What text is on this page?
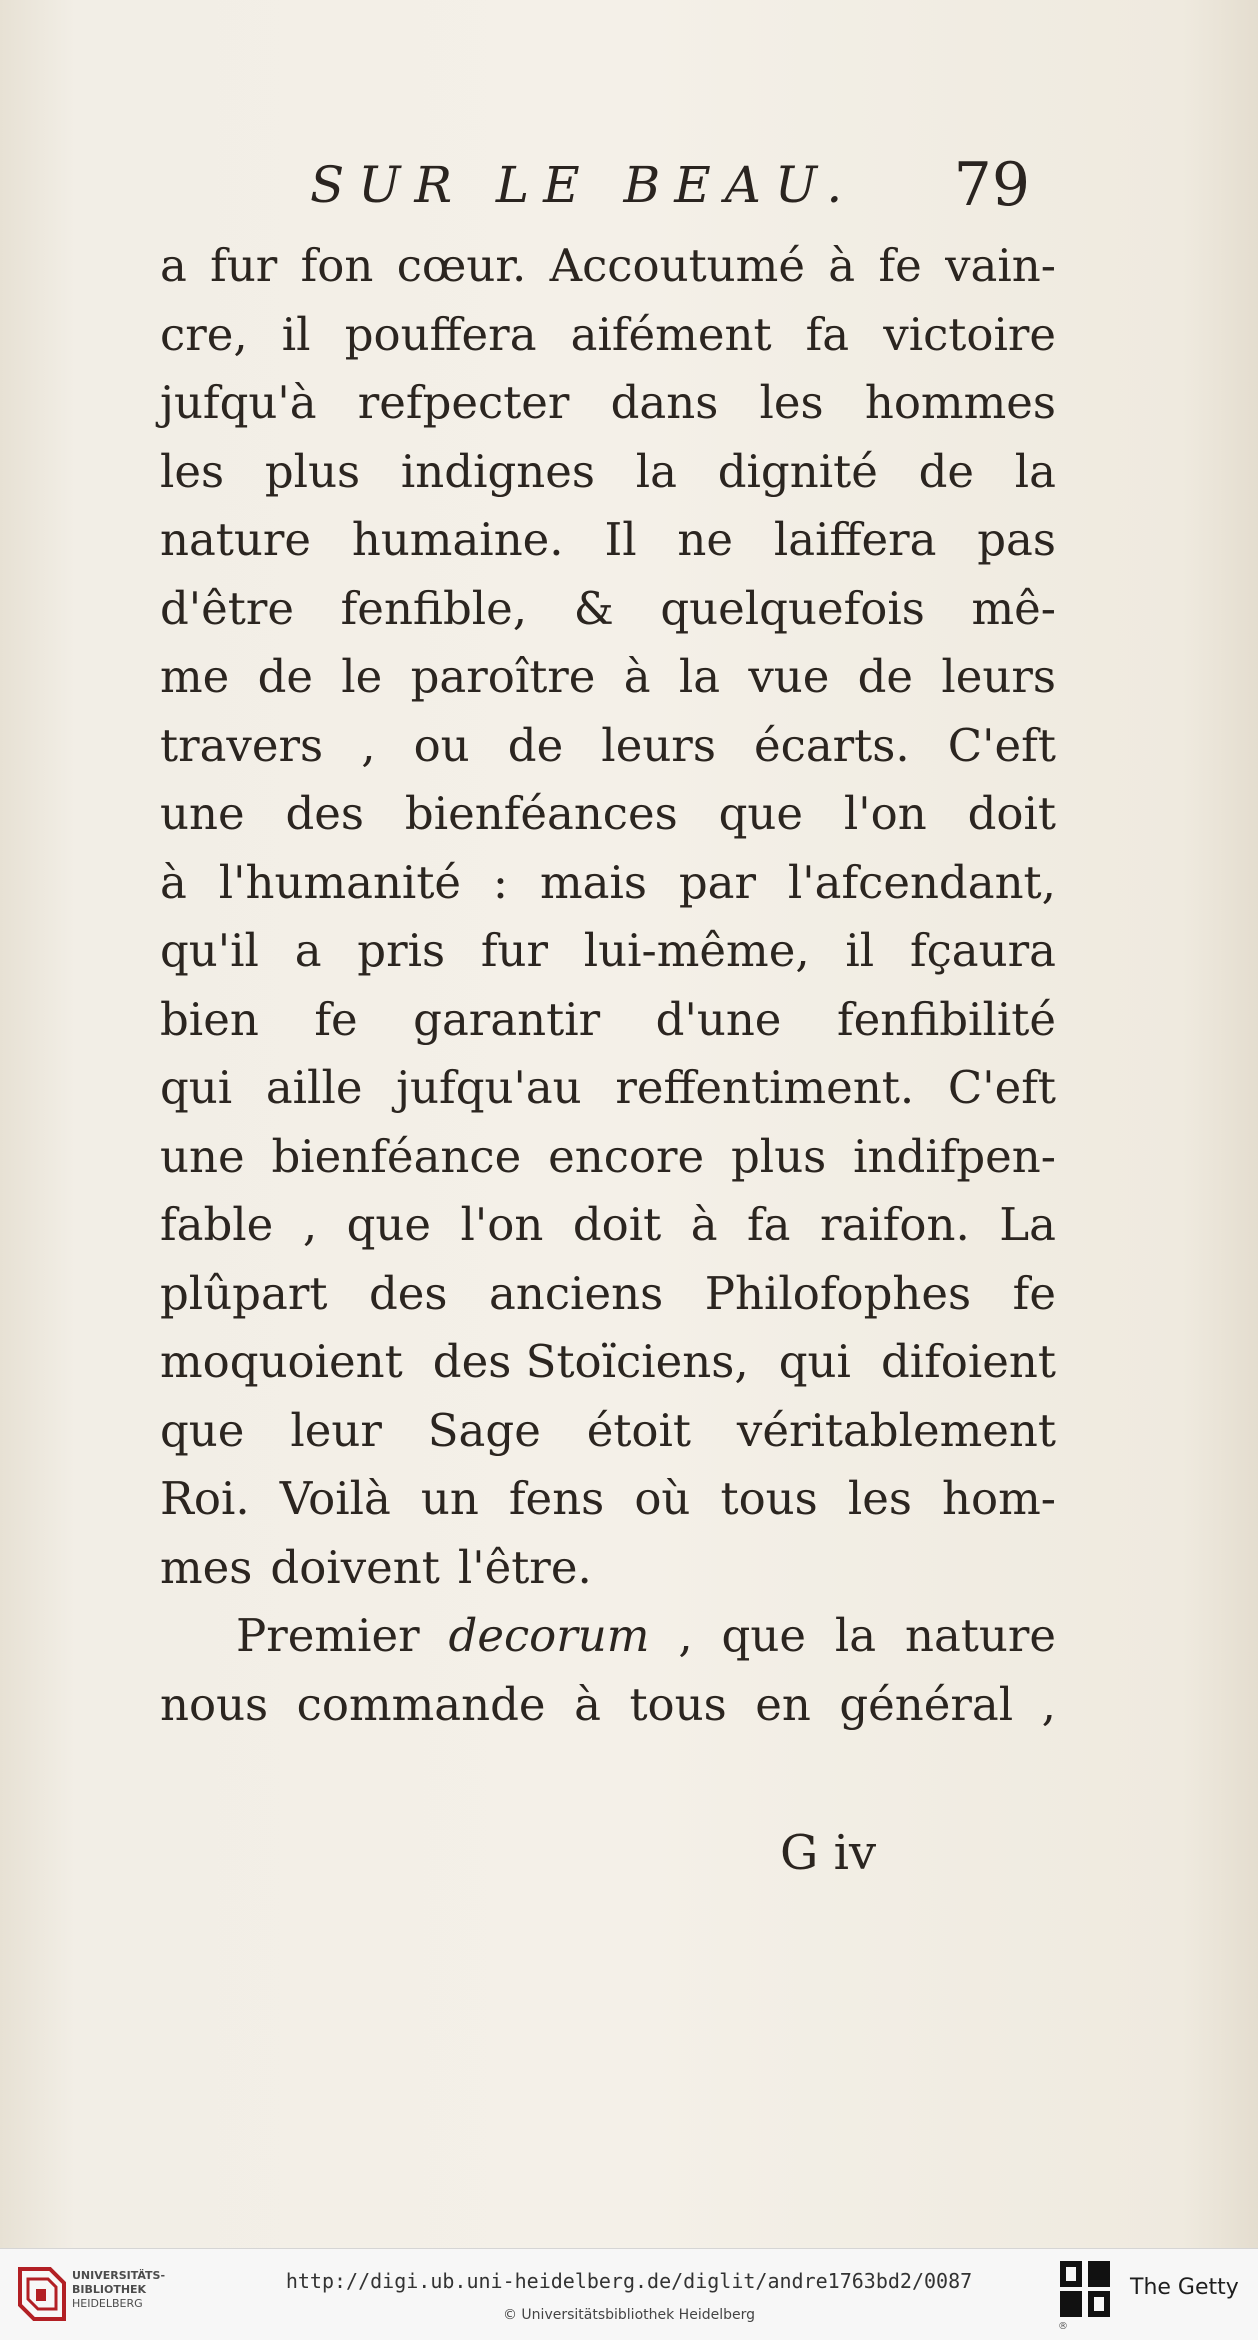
SUR LE BEAU. 79
a fur fon cœur. Accoutumé à fe vain-
cre, il pouffera aifément fa victoire
jufqu'à refpecter dans les hommes
les plus indignes la dignité de la
nature humaine. Il ne laiffera pas
d'être fenfible, & quelquefois mê-
me de le paroître à la vue de leurs
travers , ou de leurs écarts. C'eft
une des bienféances que l'on doit
à l'humanité : mais par l'afcendant,
qu'il a pris fur lui-même, il fçaura
bien fe garantir d'une fenfibilité
qui aille jufqu'au reffentiment. C'eft
une bienféance encore plus indifpen-
fable , que l'on doit à fa raifon. La
plûpart des anciens Philofophes fe
moquoient des Stoïciens, qui difoient
que leur Sage étoit véritablement
Roi. Voilà un fens où tous les hom-
mes doivent l'être.
Premier decorum , que la nature
nous commande à tous en général ,
G iv
UNIVERSITÄTS-
BIBLIOTHEK
HEIDELBERG
http://digi.ub.uni-heidelberg.de/diglit/andre1763bd2/0087
© Universitätsbibliothek Heidelberg
The Getty
®
